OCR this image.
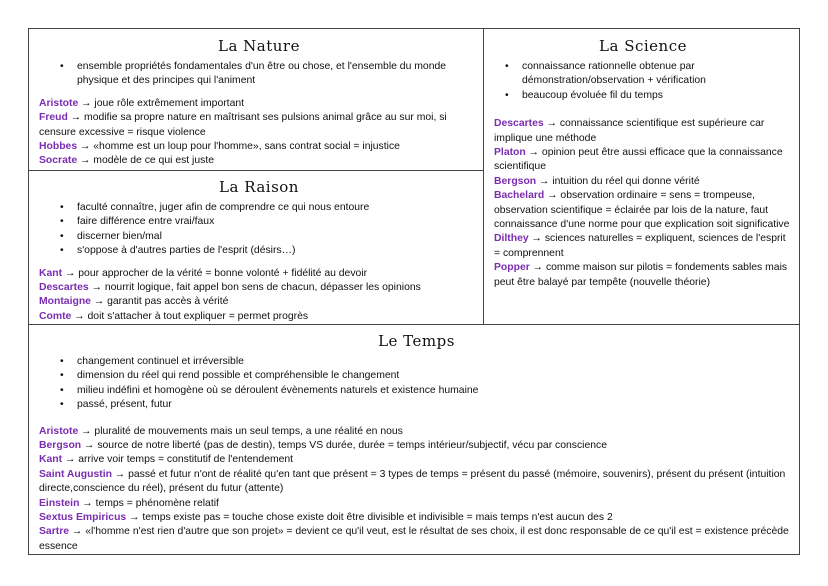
La Nature
• ensemble propriétés fondamentales d'un être ou chose, et l'ensemble du monde physique et des principes qui l'animent

Aristote → joue rôle extrêmement important

Freud → modifie sa propre nature en maîtrisant ses pulsions animal grâce au sur moi, si censure excessive = risque violence

Hobbes → «homme est un loup pour l'homme», sans contrat social = injustice

Socrate → modèle de ce qui est juste

La Raison
• faculté connaître, juger afin de comprendre ce qui nous entoure
• faire différence entre vrai/faux
• discerner bien/mal
• s'oppose à d'autres parties de l'esprit (désirs…)

Kant → pour approcher de la vérité = bonne volonté + fidélité au devoir

Descartes → nourrit logique, fait appel bon sens de chacun, dépasser les opinions

Montaigne → garantit pas accès à vérité

Comte → doit s'attacher à tout expliquer = permet progrès

La Science
• connaissance rationnelle obtenue par démonstration/observation + vérification
• beaucoup évoluée fil du temps

Descartes → connaissance scientifique est supérieure car implique une méthode

Platon → opinion peut être aussi efficace que la connaissance scientifique

Bergson → intuition du réel qui donne vérité

Bachelard → observation ordinaire = sens = trompeuse, observation scientifique = éclairée par lois de la nature, faut connaissance d'une norme pour que explication soit significative

Dilthey → sciences naturelles = expliquent, sciences de l'esprit = comprennent

Popper → comme maison sur pilotis = fondements sables mais peut être balayé par tempête (nouvelle théorie)

Le Temps
• changement continuel et irréversible
• dimension du réel qui rend possible et compréhensible le changement
• milieu indéfini et homogène où se déroulent évènements naturels et existence humaine
• passé, présent, futur

Aristote → pluralité de mouvements mais un seul temps, a une réalité en nous

Bergson → source de notre liberté (pas de destin), temps VS durée, durée = temps intérieur/subjectif, vécu par conscience

Kant → arrive voir temps = constitutif de l'entendement

Saint Augustin → passé et futur n'ont de réalité qu'en tant que présent = 3 types de temps = présent du passé (mémoire, souvenirs), présent du présent (intuition directe,conscience du réel), présent du futur (attente)

Einstein → temps = phénomène relatif

Sextus Empiricus → temps existe pas = touche chose existe doit être divisible et indivisible = mais temps n'est aucun des 2

Sartre → «l'homme n'est rien d'autre que son projet» = devient ce qu'il veut, est le résultat de ses choix, il est donc responsable de ce qu'il est = existence précède essence
